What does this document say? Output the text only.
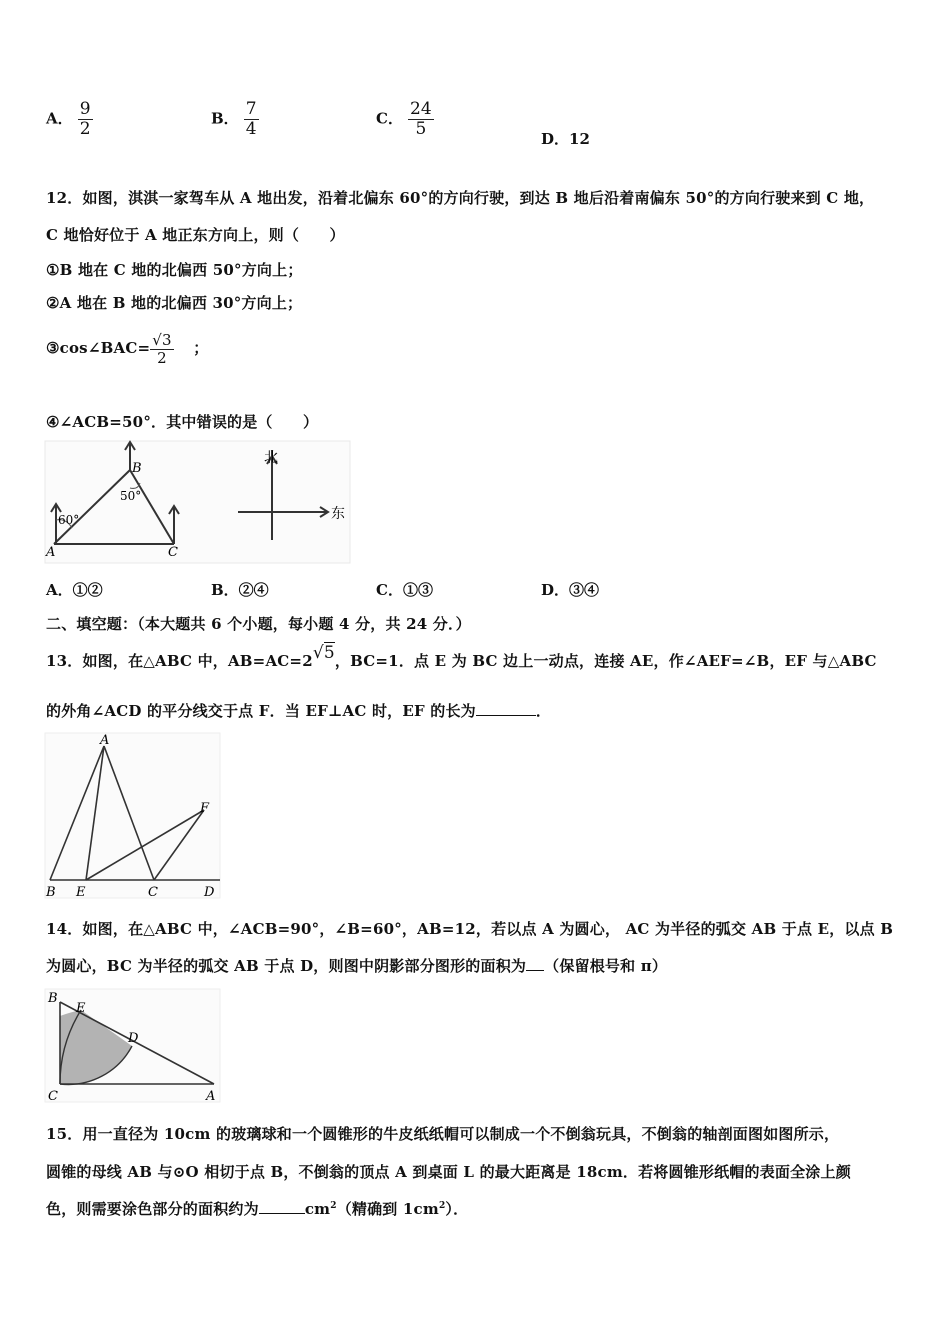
A． $\frac{9}{2}$	B． $\frac{7}{4}$	C． $\frac{24}{5}$
D．12
12．如图，淇淇一家驾车从 A 地出发，沿着北偏东 60°的方向行驶，到达 B 地后沿着南偏东 50°的方向行驶来到 C 地，
C 地恰好位于 A 地正东方向上，则（　　）
①B 地在 C 地的北偏西 50°方向上；
②A 地在 B 地的北偏西 30°方向上；
③cos∠BAC= $\frac{√3}{2}$ ；
④∠ACB=50°．其中错误的是（　　）
A
B
C
60°
50°
北
东
A．①②	B．②④	C．①③	D．③④
二、填空题：（本大题共 6 个小题，每小题 4 分，共 24 分．）
13．如图，在△ABC 中，AB=AC=2√5，BC=1．点 E 为 BC 边上一动点，连接 AE，作∠AEF=∠B，EF 与△ABC
的外角∠ACD 的平分线交于点 F．当 EF⊥AC 时，EF 的长为	．
A
B E	C	D
F
14．如图，在△ABC 中，∠ACB=90°，∠B=60°，AB=12，若以点 A 为圆心， AC 为半径的弧交 AB 于点 E，以点 B
为圆心，BC 为半径的弧交 AB 于点 D，则图中阴影部分图形的面积为 （保留根号和 π）
B
E
D
C	A
15．用一直径为 10cm 的玻璃球和一个圆锥形的牛皮纸纸帽可以制成一个不倒翁玩具，不倒翁的轴剖面图如图所示，
圆锥的母线 AB 与⊙O 相切于点 B，不倒翁的顶点 A 到桌面 L 的最大距离是 18cm．若将圆锥形纸帽的表面全涂上颜
色，则需要涂色部分的面积约为	$cm^2$（精确到 $1cm^2$）．
